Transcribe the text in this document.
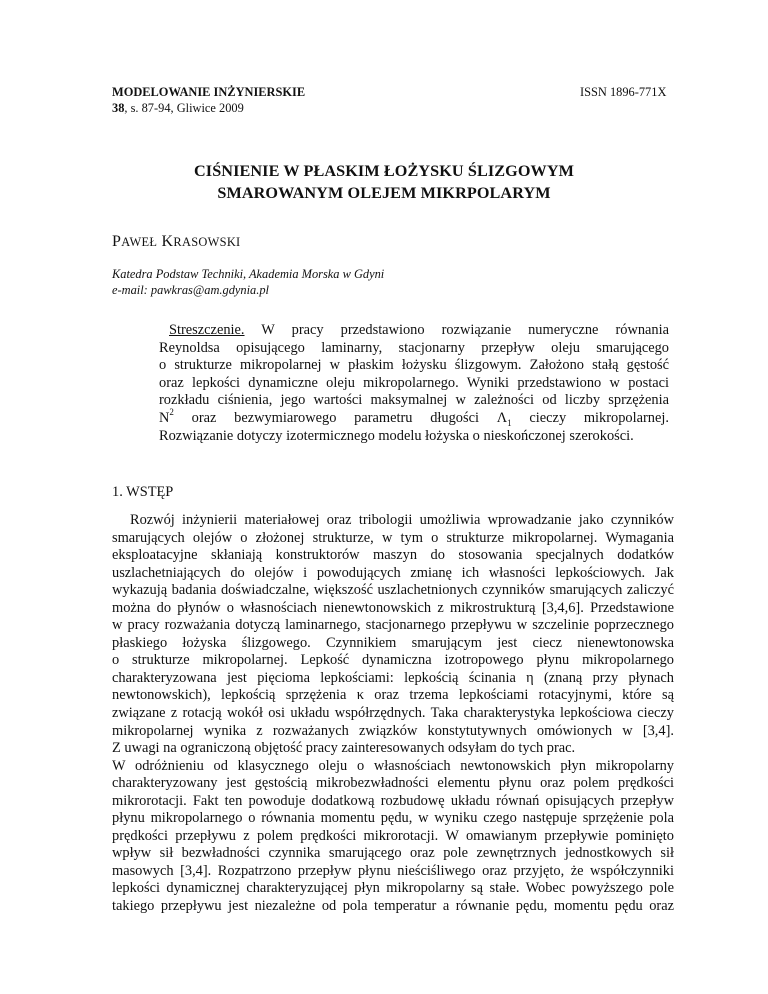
MODELOWANIE INŻYNIERSKIE
38, s. 87-94, Gliwice 2009
ISSN 1896-771X
CIŚNIENIE W PŁASKIM ŁOŻYSKU ŚLIZGOWYM
SMAROWANYM OLEJEM MIKRPOLARYM
PAWEŁ KRASOWSKI
Katedra Podstaw Techniki, Akademia Morska w Gdyni
e-mail: pawkras@am.gdynia.pl
Streszczenie. W pracy przedstawiono rozwiązanie numeryczne równania
Reynoldsa opisującego laminarny, stacjonarny przepływ oleju smarującego
o strukturze mikropolarnej w płaskim łożysku ślizgowym. Założono stałą gęstość
oraz lepkości dynamiczne oleju mikropolarnego. Wyniki przedstawiono w postaci
rozkładu ciśnienia, jego wartości maksymalnej w zależności od liczby sprzężenia
$N^2$ oraz bezwymiarowego parametru długości $\Lambda_1$ cieczy mikropolarnej.
Rozwiązanie dotyczy izotermicznego modelu łożyska o nieskończonej szerokości.
1. WSTĘP
Rozwój inżynierii materiałowej oraz tribologii umożliwia wprowadzanie jako czynników
smarujących olejów o złożonej strukturze, w tym o strukturze mikropolarnej. Wymagania
eksploatacyjne skłaniają konstruktorów maszyn do stosowania specjalnych dodatków
uszlachetniających do olejów i powodujących zmianę ich własności lepkościowych. Jak
wykazują badania doświadczalne, większość uszlachetnionych czynników smarujących zaliczyć
można do płynów o własnościach nienewtonowskich z mikrostrukturą [3,4,6]. Przedstawione
w pracy rozważania dotyczą laminarnego, stacjonarnego przepływu w szczelinie poprzecznego
płaskiego łożyska ślizgowego. Czynnikiem smarującym jest ciecz nienewtonowska
o strukturze mikropolarnej. Lepkość dynamiczna izotropowego płynu mikropolarnego
charakteryzowana jest pięcioma lepkościami: lepkością ścinania η (znaną przy płynach
newtonowskich), lepkością sprzężenia κ oraz trzema lepkościami rotacyjnymi, które są
związane z rotacją wokół osi układu współrzędnych. Taka charakterystyka lepkościowa cieczy
mikropolarnej wynika z rozważanych związków konstytutywnych omówionych w [3,4].
Z uwagi na ograniczoną objętość pracy zainteresowanych odsyłam do tych prac.
W odróżnieniu od klasycznego oleju o własnościach newtonowskich płyn mikropolarny
charakteryzowany jest gęstością mikrobezwładności elementu płynu oraz polem prędkości
mikrorotacji. Fakt ten powoduje dodatkową rozbudowę układu równań opisujących przepływ
płynu mikropolarnego o równania momentu pędu, w wyniku czego następuje sprzężenie pola
prędkości przepływu z polem prędkości mikrorotacji. W omawianym przepływie pominięto
wpływ sił bezwładności czynnika smarującego oraz pole zewnętrznych jednostkowych sił
masowych [3,4]. Rozpatrzono przepływ płynu nieściśliwego oraz przyjęto, że współczynniki
lepkości dynamicznej charakteryzującej płyn mikropolarny są stałe. Wobec powyższego pole
takiego przepływu jest niezależne od pola temperatur a równanie pędu, momentu pędu oraz
